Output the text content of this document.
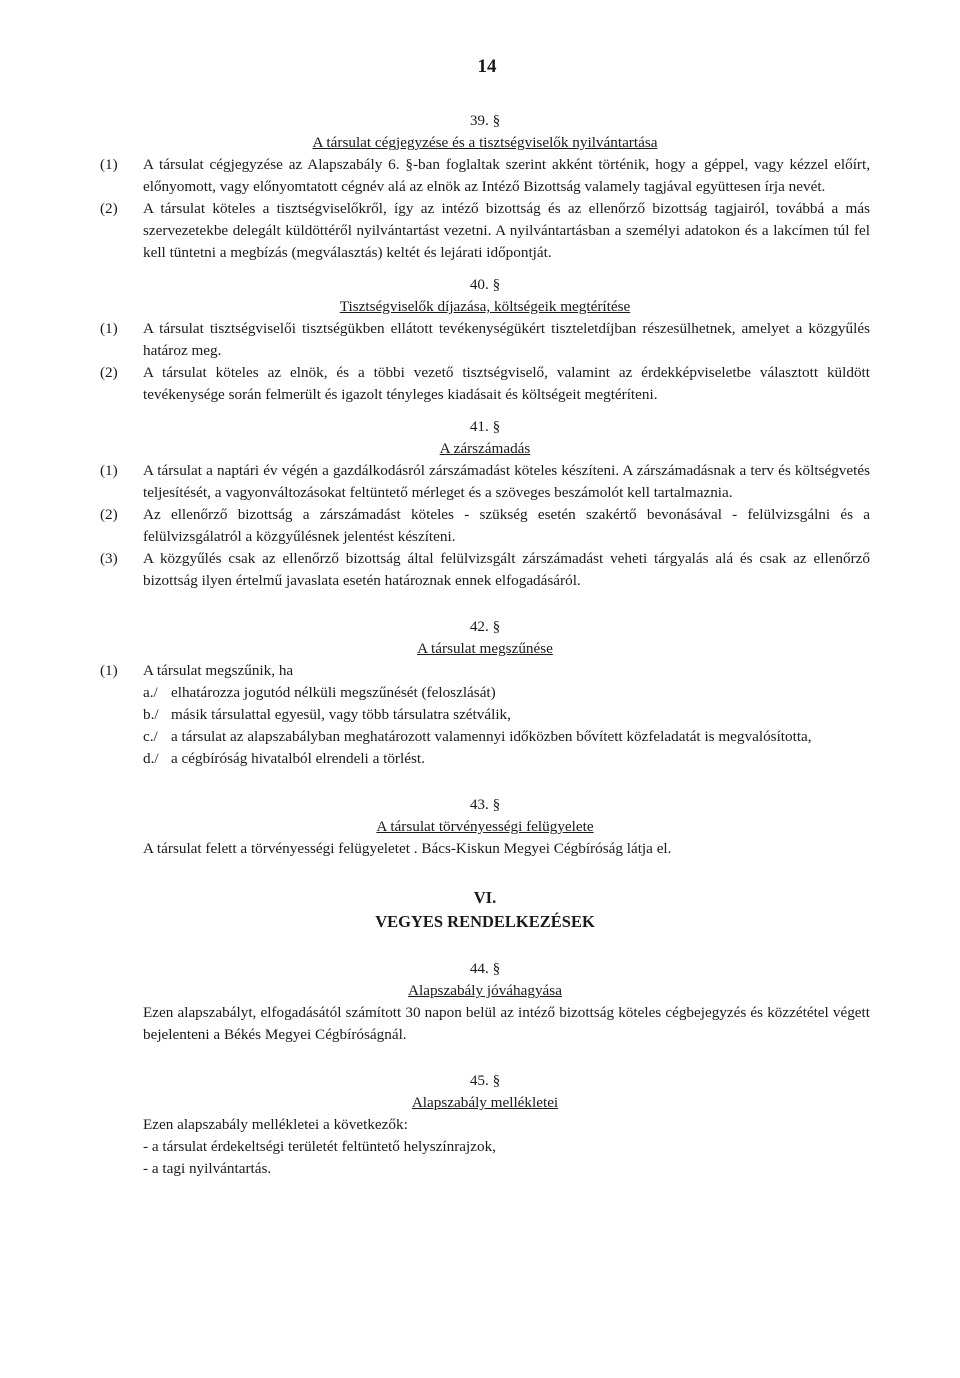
14
39. §
A társulat cégjegyzése és a tisztségviselők nyilvántartása
(1) A társulat cégjegyzése az Alapszabály 6. §-ban foglaltak szerint akként történik, hogy a géppel, vagy kézzel előírt, előnyomott, vagy előnyomtatott cégnév alá az elnök az Intéző Bizottság valamely tagjával együttesen írja nevét.
(2) A társulat köteles a tisztségviselőkről, így az intéző bizottság és az ellenőrző bizottság tagjairól, továbbá a más szervezetekbe delegált küldöttéről nyilvántartást vezetni. A nyilvántartásban a személyi adatokon és a lakcímen túl fel kell tüntetni a megbízás (megválasztás) keltét és lejárati időpontját.
40. §
Tisztségviselők díjazása, költségeik megtérítése
(1) A társulat tisztségviselői tisztségükben ellátott tevékenységükért tiszteletdíjban részesülhetnek, amelyet a közgyűlés határoz meg.
(2) A társulat köteles az elnök, és a többi vezető tisztségviselő, valamint az érdekképviseletbe választott küldött tevékenysége során felmerült és igazolt tényleges kiadásait és költségeit megtéríteni.
41. §
A zárszámadás
(1) A társulat a naptári év végén a gazdálkodásról zárszámadást köteles készíteni. A zárszámadásnak a terv és költségvetés teljesítését, a vagyonváltozásokat feltüntető mérleget és a szöveges beszámolót kell tartalmaznia.
(2) Az ellenőrző bizottság a zárszámadást köteles - szükség esetén szakértő bevonásával - felülvizsgálni és a felülvizsgálatról a közgyűlésnek jelentést készíteni.
(3) A közgyűlés csak az ellenőrző bizottság által felülvizsgált zárszámadást veheti tárgyalás alá és csak az ellenőrző bizottság ilyen értelmű javaslata esetén határoznak ennek elfogadásáról.
42. §
A társulat megszűnése
(1) A társulat megszűnik, ha
a./ elhatározza jogutód nélküli megszűnését (feloszlását)
b./ másik társulattal egyesül, vagy több társulatra szétválik,
c./ a társulat az alapszabályban meghatározott valamennyi időközben bővített közfeladatát is megvalósította,
d./ a cégbíróság hivatalból elrendeli a törlést.
43. §
A társulat törvényességi felügyelete
A társulat felett a törvényességi felügyeletet . Bács-Kiskun Megyei Cégbíróság látja el.
VI.
VEGYES RENDELKEZÉSEK
44. §
Alapszabály jóváhagyása
Ezen alapszabályt, elfogadásától számított 30 napon belül az intéző bizottság köteles cégbejegyzés és közzététel végett bejelenteni a Békés Megyei Cégbíróságnál.
45. §
Alapszabály mellékletei
Ezen alapszabály mellékletei a következők:
- a társulat érdekeltségi területét feltüntető helyszínrajzok,
- a tagi nyilvántartás.
